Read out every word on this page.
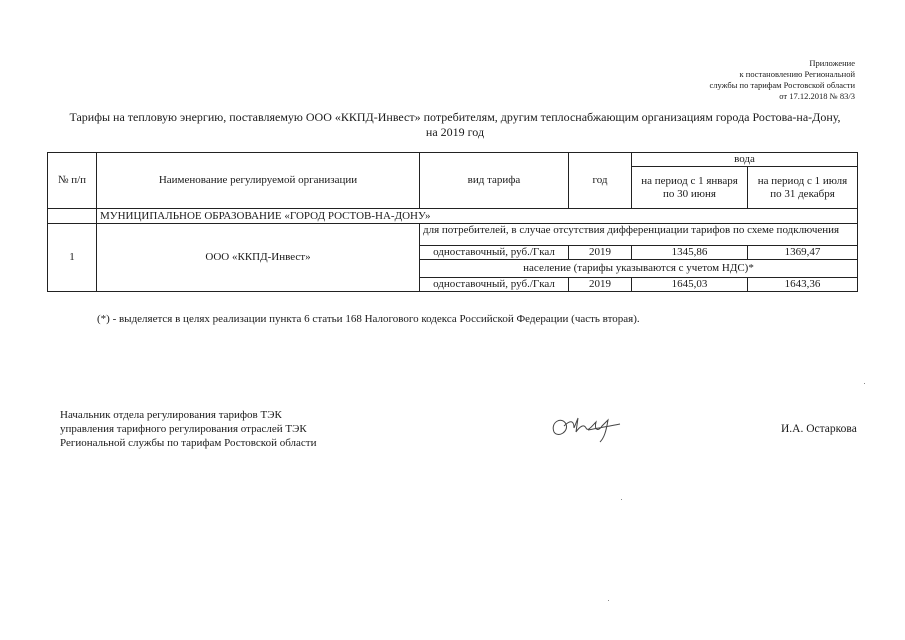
Приложение
к постановлению Региональной
службы по тарифам Ростовской области
от 17.12.2018 № 83/3
Тарифы на тепловую энергию, поставляемую ООО «ККПД-Инвест» потребителям, другим теплоснабжающим организациям города Ростова-на-Дону,
на 2019 год
№ п/п	Наименование регулируемой организации	вид тарифа	год	вода	
				на период с 1 января по 30 июня	на период с 1 июля по 31 декабря
	МУНИЦИПАЛЬНОЕ ОБРАЗОВАНИЕ «ГОРОД РОСТОВ-НА-ДОНУ»				
1	ООО «ККПД-Инвест»	для потребителей, в случае отсутствия дифференциации тарифов по схеме подключения			
		одноставочный, руб./Гкал	2019	1345,86	1369,47
		население (тарифы указываются с учетом НДС)*			
		одноставочный, руб./Гкал	2019	1645,03	1643,36
(*) - выделяется в целях реализации пункта 6 статьи 168 Налогового кодекса Российской Федерации (часть вторая).
Начальник отдела регулирования тарифов ТЭК
управления тарифного регулирования отраслей ТЭК
Региональной службы по тарифам Ростовской области
И.А. Остаркова
